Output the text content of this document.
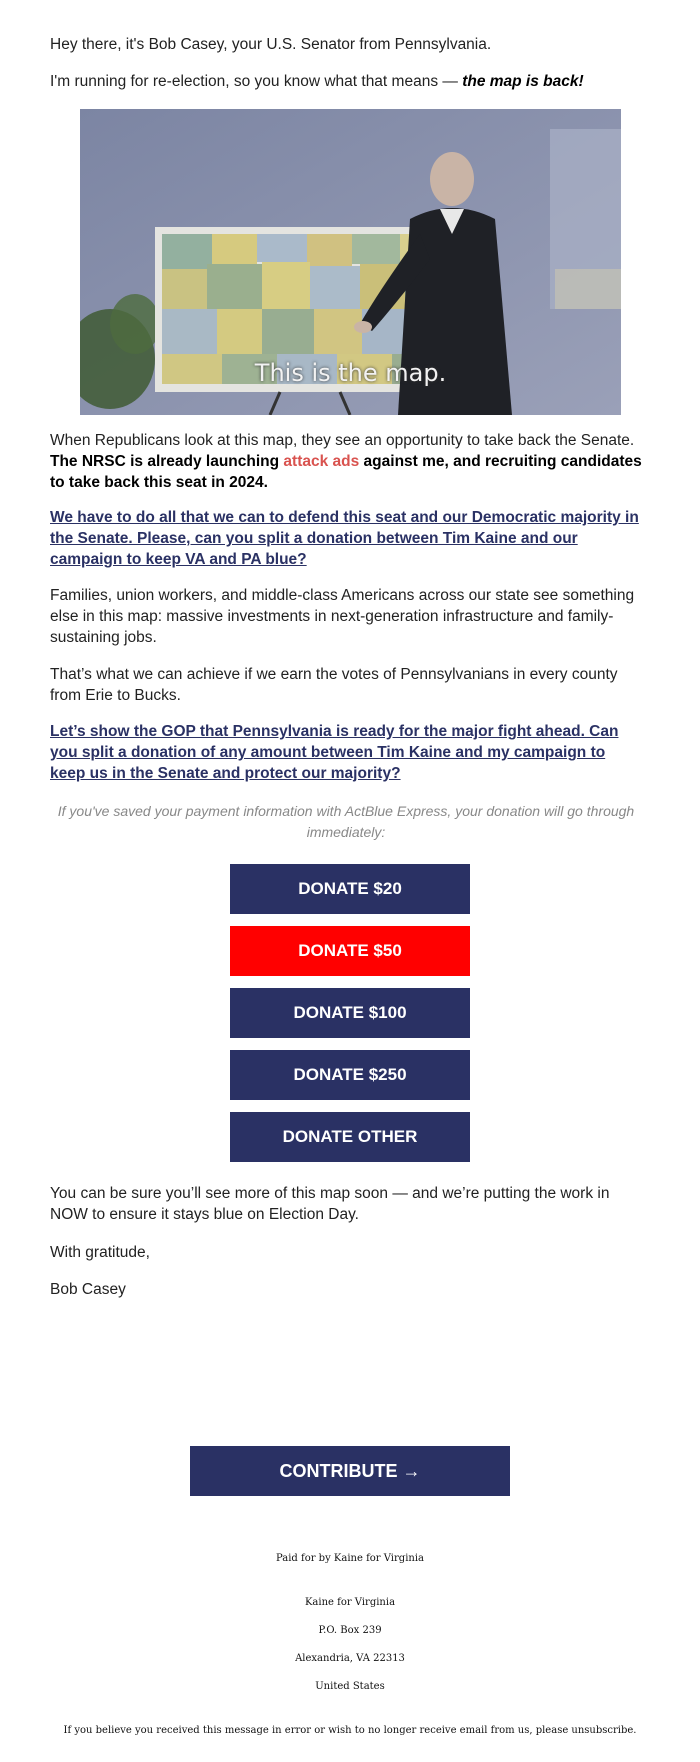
Hey there, it's Bob Casey, your U.S. Senator from Pennsylvania.

I'm running for re-election, so you know what that means — the map is back!

This is the map.

When Republicans look at this map, they see an opportunity to take back the Senate. The NRSC is already launching attack ads against me, and recruiting candidates to take back this seat in 2024.

We have to do all that we can to defend this seat and our Democratic majority in the Senate. Please, can you split a donation between Tim Kaine and our campaign to keep VA and PA blue?

Families, union workers, and middle-class Americans across our state see something else in this map: massive investments in next-generation infrastructure and family-sustaining jobs.

That’s what we can achieve if we earn the votes of Pennsylvanians in every county from Erie to Bucks.

Let’s show the GOP that Pennsylvania is ready for the major fight ahead. Can you split a donation of any amount between Tim Kaine and my campaign to keep us in the Senate and protect our majority?

If you've saved your payment information with ActBlue Express, your donation will go through immediately:
DONATE $20
DONATE $50
DONATE $100
DONATE $250
DONATE OTHER

You can be sure you’ll see more of this map soon — and we’re putting the work in NOW to ensure it stays blue on Election Day.

With gratitude,

Bob Casey

CONTRIBUTE →
Paid for by Kaine for Virginia
Kaine for Virginia
P.O. Box 239
Alexandria, VA 22313
United States
If you believe you received this message in error or wish to no longer receive email from us, please unsubscribe.
